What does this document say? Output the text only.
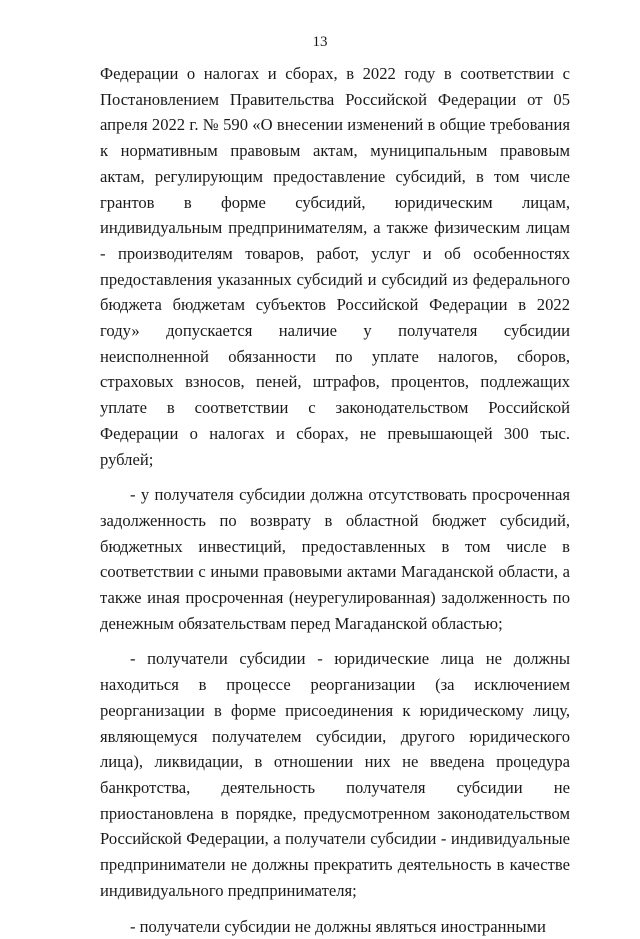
13

Федерации о налогах и сборах, в 2022 году в соответствии с Постановлением Правительства Российской Федерации от 05 апреля 2022 г. № 590 «О внесении изменений в общие требования к нормативным правовым актам, муниципальным правовым актам, регулирующим предоставление субсидий, в том числе грантов в форме субсидий, юридическим лицам, индивидуальным предпринимателям, а также физическим лицам - производителям товаров, работ, услуг и об особенностях предоставления указанных субсидий и субсидий из федерального бюджета бюджетам субъектов Российской Федерации в 2022 году» допускается наличие у получателя субсидии неисполненной обязанности по уплате налогов, сборов, страховых взносов, пеней, штрафов, процентов, подлежащих уплате в соответствии с законодательством Российской Федерации о налогах и сборах, не превышающей 300 тыс. рублей;

- у получателя субсидии должна отсутствовать просроченная задолженность по возврату в областной бюджет субсидий, бюджетных инвестиций, предоставленных в том числе в соответствии с иными правовыми актами Магаданской области, а также иная просроченная (неурегулированная) задолженность по денежным обязательствам перед Магаданской областью;

- получатели субсидии - юридические лица не должны находиться в процессе реорганизации (за исключением реорганизации в форме присоединения к юридическому лицу, являющемуся получателем субсидии, другого юридического лица), ликвидации, в отношении них не введена процедура банкротства, деятельность получателя субсидии не приостановлена в порядке, предусмотренном законодательством Российской Федерации, а получатели субсидии - индивидуальные предприниматели не должны прекратить деятельность в качестве индивидуального предпринимателя;

- получатели субсидии не должны являться иностранными
